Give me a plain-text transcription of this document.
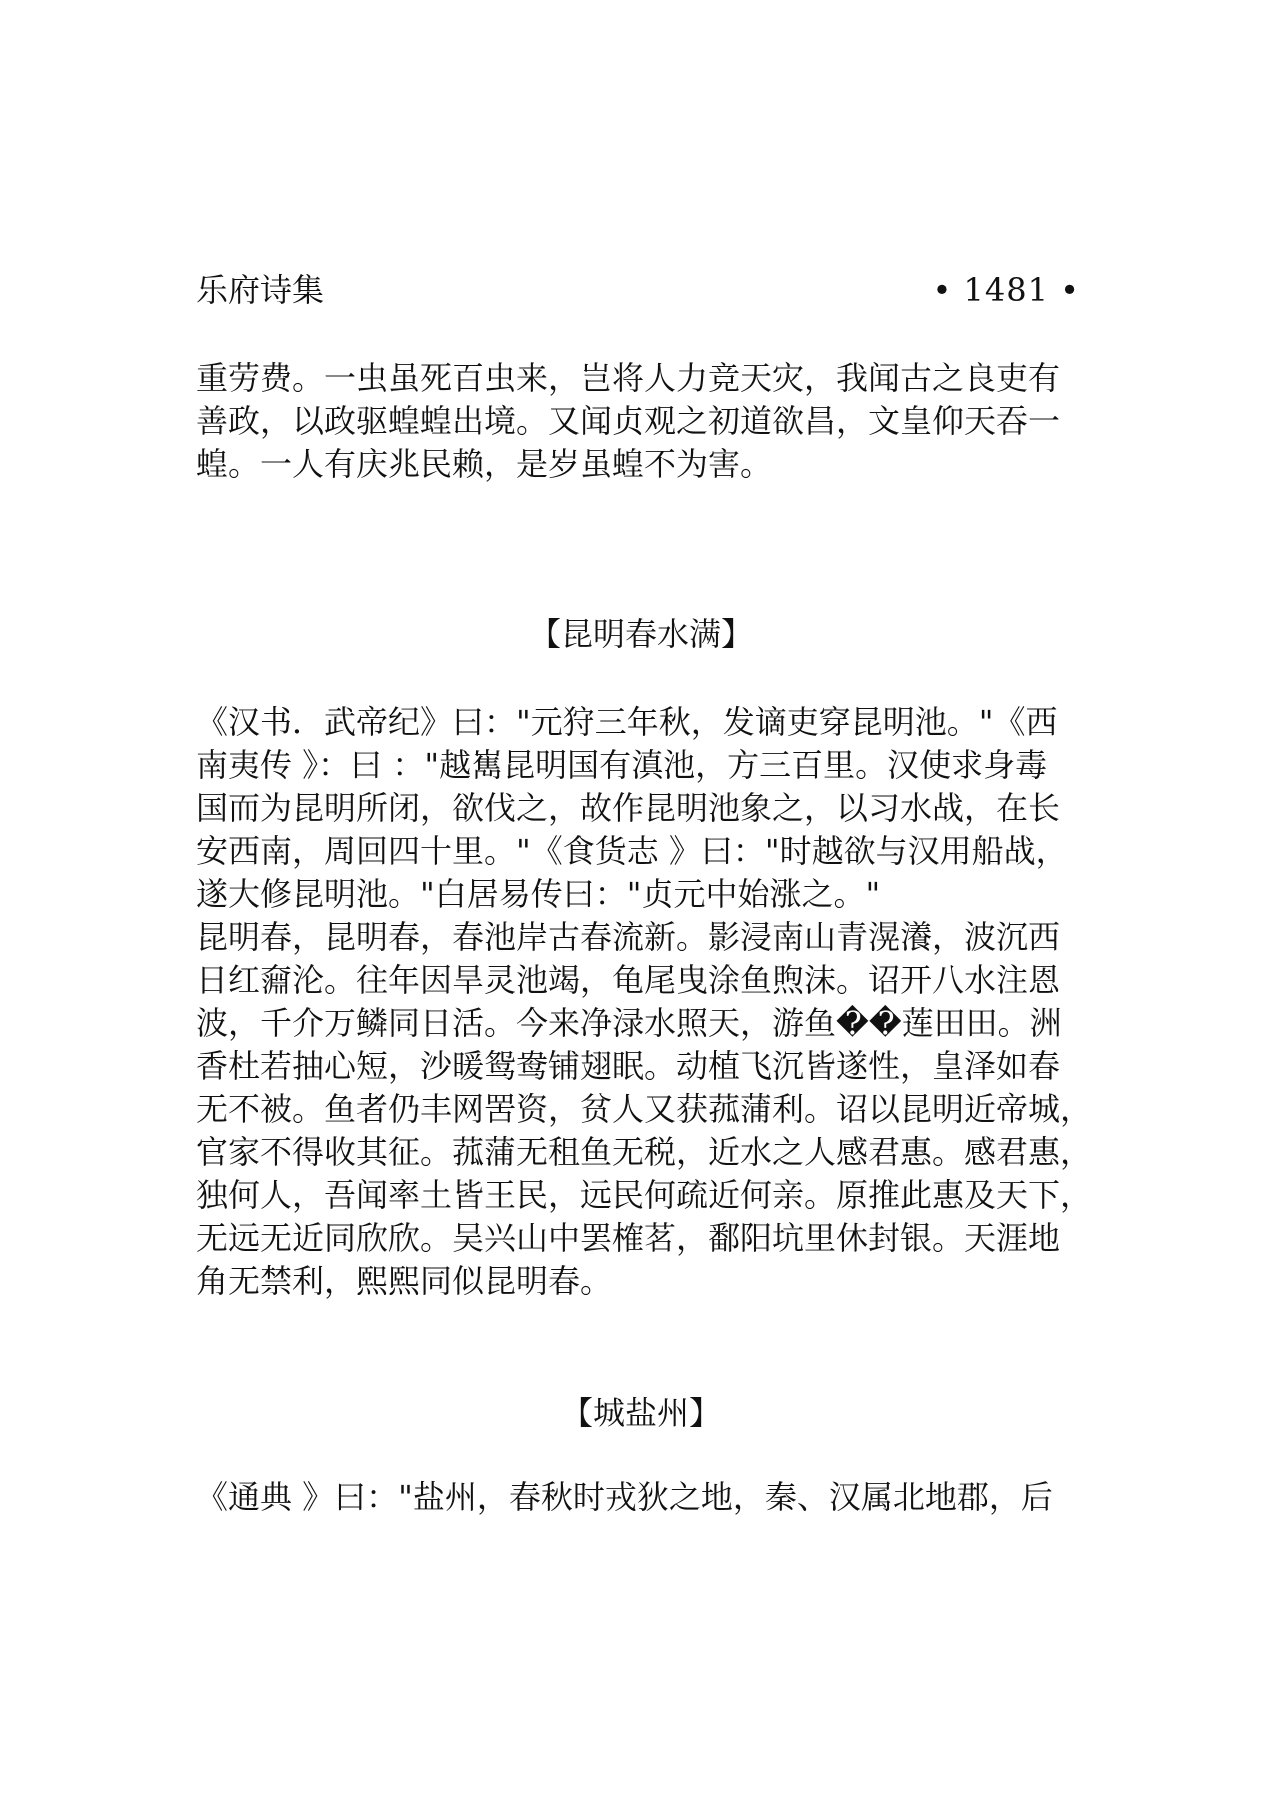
乐府诗集	• 1481 •

重劳费。一虫虽死百虫来，岂将人力竞天灾，我闻古之良吏有
善政，以政驱蝗蝗出境。又闻贞观之初道欲昌，文皇仰天吞一
蝗。一人有庆兆民赖，是岁虽蝗不为害。

【昆明春水满】

《汉书．武帝纪》曰："元狩三年秋，发谪吏穿昆明池。"《西
南夷传 》：曰 ："越嶲昆明国有滇池，方三百里。汉使求身毒
国而为昆明所闭，欲伐之，故作昆明池象之，以习水战，在长
安西南，周回四十里。"《食货志 》曰："时越欲与汉用船战，
遂大修昆明池。"白居易传曰："贞元中始涨之。"

昆明春，昆明春，春池岸古春流新。影浸南山青滉瀁，波沉西
日红奫沦。往年因旱灵池竭，龟尾曳涂鱼煦沫。诏开八水注恩
波，千介万鳞同日活。今来净渌水照天，游鱼��莲田田。洲
香杜若抽心短，沙暖鸳鸯铺翅眠。动植飞沉皆遂性，皇泽如春
无不被。鱼者仍丰网罟资，贫人又获菰蒲利。诏以昆明近帝城，
官家不得收其征。菰蒲无租鱼无税，近水之人感君惠。感君惠，
独何人，吾闻率土皆王民，远民何疏近何亲。原推此惠及天下，
无远无近同欣欣。吴兴山中罢榷茗，鄱阳坑里休封银。天涯地
角无禁利，熙熙同似昆明春。

【城盐州】

《通典 》曰："盐州，春秋时戎狄之地，秦、汉属北地郡，后
